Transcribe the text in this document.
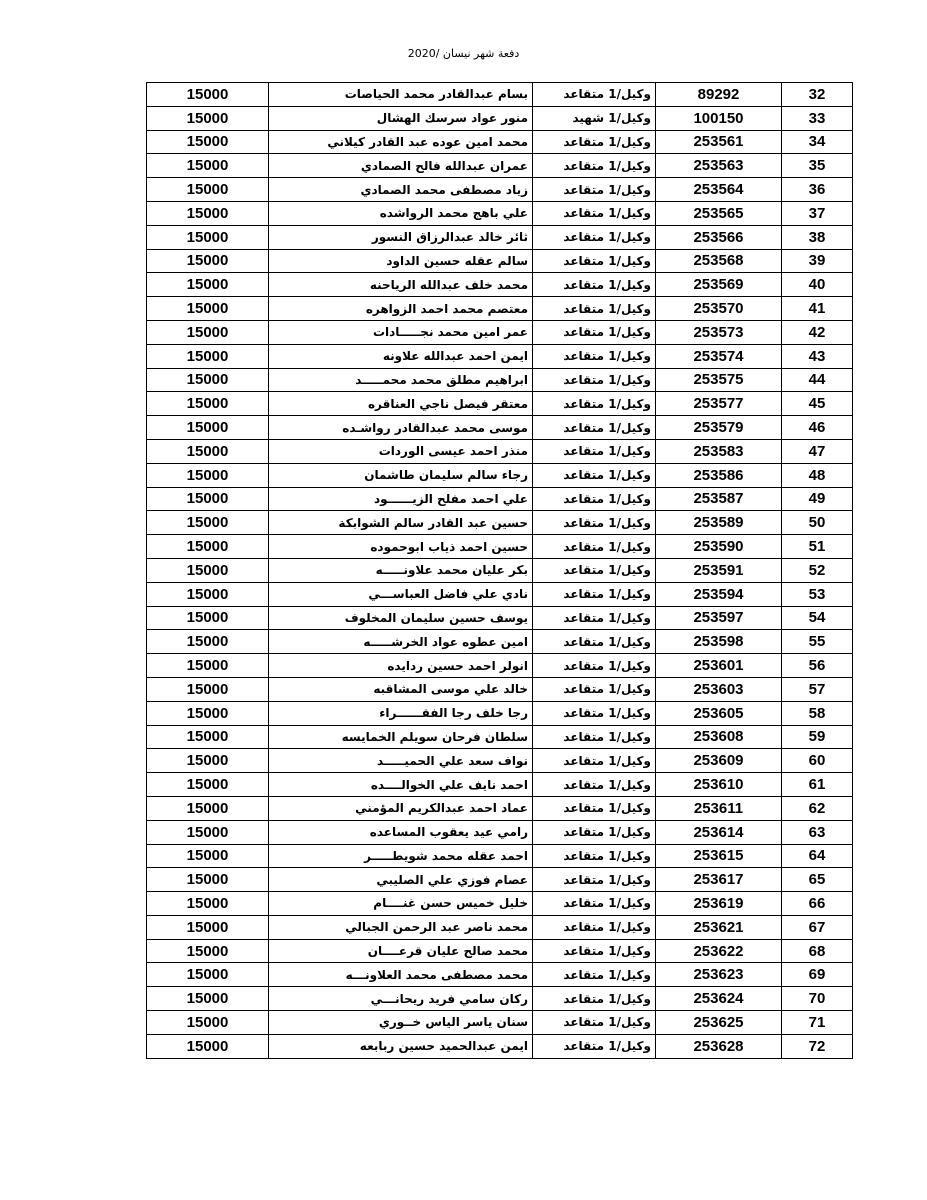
دفعة شهر نيسان /2020
15000	بسام عبدالقادر محمد الحياصات	وكيل/1 متقاعد	89292	32
15000	منور عواد سرسك الهشال	وكيل/1 شهيد	100150	33
15000	محمد امين عوده عبد القادر كيلاني	وكيل/1 متقاعد	253561	34
15000	عمران عبدالله فالح الصمادي	وكيل/1 متقاعد	253563	35
15000	زياد مصطفى محمد الصمادي	وكيل/1 متقاعد	253564	36
15000	علي باهج محمد الرواشده	وكيل/1 متقاعد	253565	37
15000	ثائر خالد عبدالرزاق النسور	وكيل/1 متقاعد	253566	38
15000	سالم عقله حسين الداود	وكيل/1 متقاعد	253568	39
15000	محمد خلف عبدالله الرياحنه	وكيل/1 متقاعد	253569	40
15000	معتصم محمد احمد الزواهره	وكيل/1 متقاعد	253570	41
15000	عمر امين محمد نجـــــادات	وكيل/1 متقاعد	253573	42
15000	ايمن احمد عبدالله علاونه	وكيل/1 متقاعد	253574	43
15000	ابراهيم مطلق محمد محمـــــد	وكيل/1 متقاعد	253575	44
15000	معتقر فيصل ناجي العناقره	وكيل/1 متقاعد	253577	45
15000	موسى محمد عبدالقادر رواشـده	وكيل/1 متقاعد	253579	46
15000	منذر احمد عيسى الوردات	وكيل/1 متقاعد	253583	47
15000	رجاء سالم سليمان طاشمان	وكيل/1 متقاعد	253586	48
15000	علي احمد مفلح الزيــــــود	وكيل/1 متقاعد	253587	49
15000	حسين عبد القادر سالم الشوابكة	وكيل/1 متقاعد	253589	50
15000	حسين احمد ذياب ابوحموده	وكيل/1 متقاعد	253590	51
15000	بكر عليان محمد علاونـــــه	وكيل/1 متقاعد	253591	52
15000	نادي علي فاضل العباســـي	وكيل/1 متقاعد	253594	53
15000	يوسف حسين سليمان المخلوف	وكيل/1 متقاعد	253597	54
15000	امين عطوه عواد الخرشـــــه	وكيل/1 متقاعد	253598	55
15000	انولر احمد حسين ردايده	وكيل/1 متقاعد	253601	56
15000	خالد علي موسى المشاقبه	وكيل/1 متقاعد	253603	57
15000	رجا خلف رجا الفقــــــراء	وكيل/1 متقاعد	253605	58
15000	سلطان فرحان سويلم الخمايسه	وكيل/1 متقاعد	253608	59
15000	نواف سعد علي الحميـــــد	وكيل/1 متقاعد	253609	60
15000	احمد نايف علي الخوالــــده	وكيل/1 متقاعد	253610	61
15000	عماد احمد عبدالكريم المؤمني	وكيل/1 متقاعد	253611	62
15000	رامي عيد يعقوب المساعده	وكيل/1 متقاعد	253614	63
15000	احمد عقله محمد شويطـــــر	وكيل/1 متقاعد	253615	64
15000	عصام فوزي علي الصليبي	وكيل/1 متقاعد	253617	65
15000	خليل خميس حسن غنــــام	وكيل/1 متقاعد	253619	66
15000	محمد ناصر عبد الرحمن الجبالي	وكيل/1 متقاعد	253621	67
15000	محمد صالح عليان قرعــــان	وكيل/1 متقاعد	253622	68
15000	محمد مصطفى محمد العلاونـــه	وكيل/1 متقاعد	253623	69
15000	ركان سامي فريد ريحانـــي	وكيل/1 متقاعد	253624	70
15000	سنان ياسر الياس خــوري	وكيل/1 متقاعد	253625	71
15000	ايمن عبدالحميد حسين ربابعه	وكيل/1 متقاعد	253628	72
